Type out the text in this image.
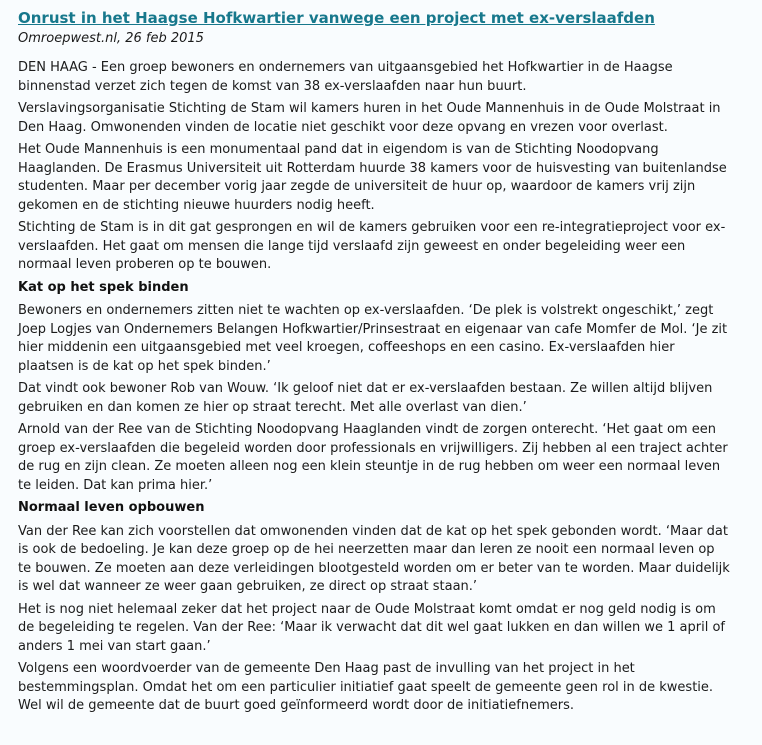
Onrust in het Haagse Hofkwartier vanwege een project met ex-verslaafden
Omroepwest.nl, 26 feb 2015

DEN HAAG - Een groep bewoners en ondernemers van uitgaansgebied het Hofkwartier in de Haagse binnenstad verzet zich tegen de komst van 38 ex-verslaafden naar hun buurt.

Verslavingsorganisatie Stichting de Stam wil kamers huren in het Oude Mannenhuis in de Oude Molstraat in Den Haag. Omwonenden vinden de locatie niet geschikt voor deze opvang en vrezen voor overlast.

Het Oude Mannenhuis is een monumentaal pand dat in eigendom is van de Stichting Noodopvang Haaglanden. De Erasmus Universiteit uit Rotterdam huurde 38 kamers voor de huisvesting van buitenlandse studenten. Maar per december vorig jaar zegde de universiteit de huur op, waardoor de kamers vrij zijn gekomen en de stichting nieuwe huurders nodig heeft.

Stichting de Stam is in dit gat gesprongen en wil de kamers gebruiken voor een re-integratieproject voor ex-verslaafden. Het gaat om mensen die lange tijd verslaafd zijn geweest en onder begeleiding weer een normaal leven proberen op te bouwen.

Kat op het spek binden

Bewoners en ondernemers zitten niet te wachten op ex-verslaafden. ‘De plek is volstrekt ongeschikt,’ zegt Joep Logjes van Ondernemers Belangen Hofkwartier/Prinsestraat en eigenaar van cafe Momfer de Mol. ‘Je zit hier middenin een uitgaansgebied met veel kroegen, coffeeshops en een casino. Ex-verslaafden hier plaatsen is de kat op het spek binden.’

Dat vindt ook bewoner Rob van Wouw. ‘Ik geloof niet dat er ex-verslaafden bestaan. Ze willen altijd blijven gebruiken en dan komen ze hier op straat terecht. Met alle overlast van dien.’

Arnold van der Ree van de Stichting Noodopvang Haaglanden vindt de zorgen onterecht. ‘Het gaat om een groep ex-verslaafden die begeleid worden door professionals en vrijwilligers. Zij hebben al een traject achter de rug en zijn clean. Ze moeten alleen nog een klein steuntje in de rug hebben om weer een normaal leven te leiden. Dat kan prima hier.’

Normaal leven opbouwen

Van der Ree kan zich voorstellen dat omwonenden vinden dat de kat op het spek gebonden wordt. ‘Maar dat is ook de bedoeling. Je kan deze groep op de hei neerzetten maar dan leren ze nooit een normaal leven op te bouwen. Ze moeten aan deze verleidingen blootgesteld worden om er beter van te worden. Maar duidelijk is wel dat wanneer ze weer gaan gebruiken, ze direct op straat staan.’

Het is nog niet helemaal zeker dat het project naar de Oude Molstraat komt omdat er nog geld nodig is om de begeleiding te regelen. Van der Ree: ‘Maar ik verwacht dat dit wel gaat lukken en dan willen we 1 april of anders 1 mei van start gaan.’

Volgens een woordvoerder van de gemeente Den Haag past de invulling van het project in het bestemmingsplan. Omdat het om een particulier initiatief gaat speelt de gemeente geen rol in de kwestie. Wel wil de gemeente dat de buurt goed geïnformeerd wordt door de initiatiefnemers.
